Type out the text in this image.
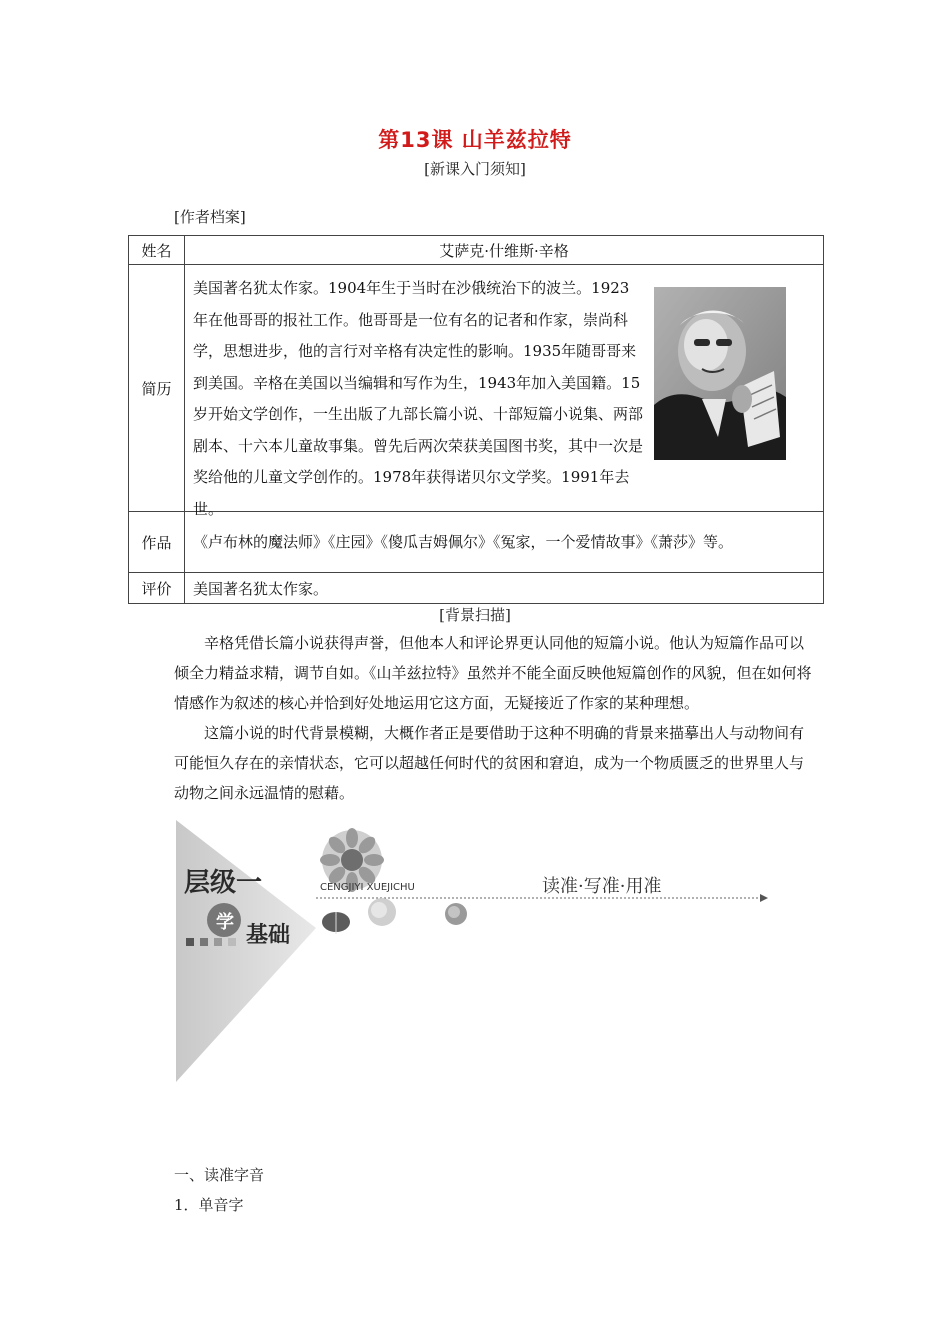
第13课 山羊兹拉特
[新课入门须知]
[作者档案]
姓名	艾萨克·什维斯·辛格
简历	美国著名犹太作家。1904年生于当时在沙俄统治下的波兰。1923年在他哥哥的报社工作。他哥哥是一位有名的记者和作家，崇尚科学，思想进步，他的言行对辛格有决定性的影响。1935年随哥哥来到美国。辛格在美国以当编辑和写作为生，1943年加入美国籍。15岁开始文学创作，一生出版了九部长篇小说、十部短篇小说集、两部剧本、十六本儿童故事集。曾先后两次荣获美国图书奖，其中一次是奖给他的儿童文学创作的。1978年获得诺贝尔文学奖。1991年去世。

作品	《卢布林的魔法师》《庄园》《傻瓜吉姆佩尔》《冤家，一个爱情故事》《萧莎》等。
评价	美国著名犹太作家。
[背景扫描]

辛格凭借长篇小说获得声誉，但他本人和评论界更认同他的短篇小说。他认为短篇作品可以倾全力精益求精，调节自如。《山羊兹拉特》虽然并不能全面反映他短篇创作的风貌，但在如何将情感作为叙述的核心并恰到好处地运用它这方面，无疑接近了作家的某种理想。

这篇小说的时代背景模糊，大概作者正是要借助于这种不明确的背景来描摹出人与动物间有可能恒久存在的亲情状态，它可以超越任何时代的贫困和窘迫，成为一个物质匮乏的世界里人与动物之间永远温情的慰藉。

层级一
学
基础
CENGJIYI XUEJICHU	读准·写准·用准
一、读准字音
1．单音字
